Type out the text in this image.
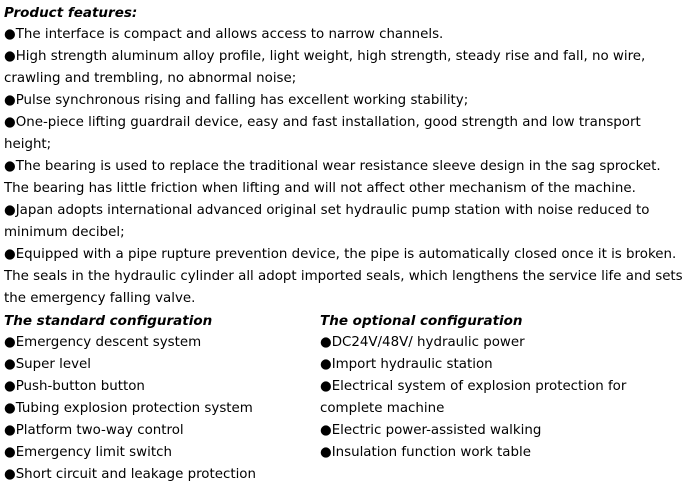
Product features:

●The interface is compact and allows access to narrow channels.
●High strength aluminum alloy profile, light weight, high strength, steady rise and fall, no wire, crawling and trembling, no abnormal noise;
●Pulse synchronous rising and falling has excellent working stability;
●One-piece lifting guardrail device, easy and fast installation, good strength and low transport height;
●The bearing is used to replace the traditional wear resistance sleeve design in the sag sprocket. The bearing has little friction when lifting and will not affect other mechanism of the machine.
●Japan adopts international advanced original set hydraulic pump station with noise reduced to minimum decibel;
●Equipped with a pipe rupture prevention device, the pipe is automatically closed once it is broken. The seals in the hydraulic cylinder all adopt imported seals, which lengthens the service life and sets the emergency falling valve.

The standard configuration

●Emergency descent system
●Super level
●Push-button button
●Tubing explosion protection system
●Platform two-way control
●Emergency limit switch
●Short circuit and leakage protection

The optional configuration

●DC24V/48V/ hydraulic power
●Import hydraulic station
●Electrical system of explosion protection for complete machine
●Electric power-assisted walking
●Insulation function work table
